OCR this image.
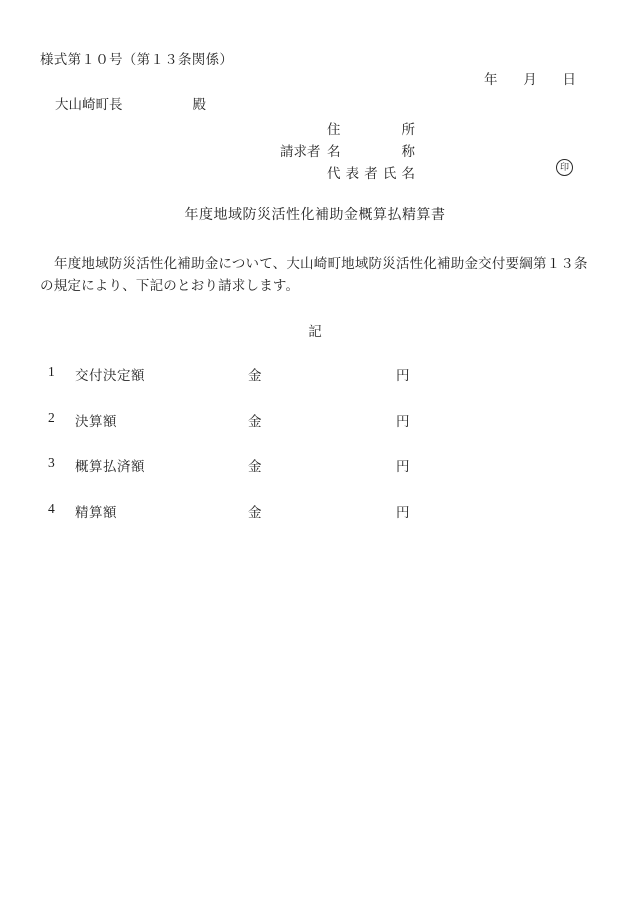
様式第１０号（第１３条関係）
年 月 日
大山崎町長	殿
請求者
住所
名称
代表者氏名	印
年度地域防災活性化補助金概算払精算書
年度地域防災活性化補助金について、大山崎町地域防災活性化補助金交付要綱第１３条
の規定により、下記のとおり請求します。
記
1 交付決定額	金	円
2 決算額	金	円
3 概算払済額	金	円
4 精算額	金	円
